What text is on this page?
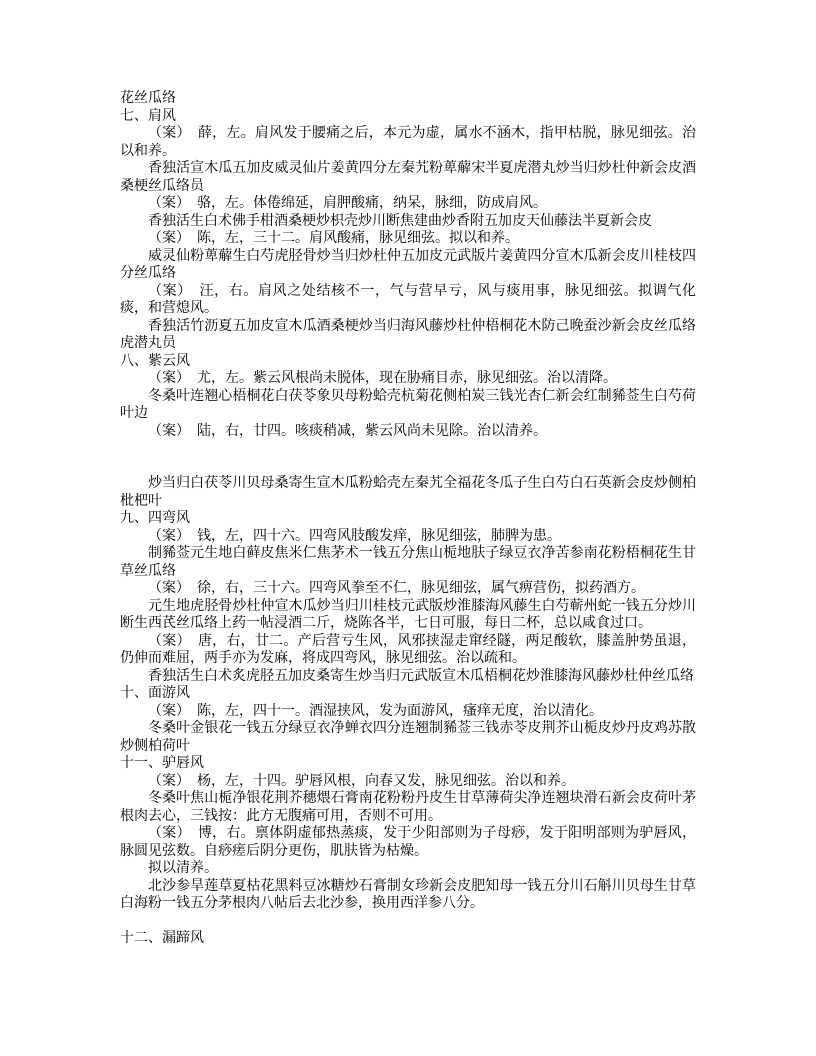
花丝瓜络

七、肩风

（案）　薛，左。肩风发于腰痛之后，本元为虚，属水不涵木，指甲枯脱，脉见细弦。治以和养。

香独活宣木瓜五加皮威灵仙片姜黄四分左秦艽粉萆薢宋半夏虎潜丸炒当归炒杜仲新会皮酒桑梗丝瓜络员

（案）　骆，左。体倦绵延，肩胛酸痛，纳呆，脉细，防成肩风。

香独活生白术佛手柑酒桑梗炒枳壳炒川断焦建曲炒香附五加皮天仙藤法半夏新会皮

（案）　陈，左，三十二。肩风酸痛，脉见细弦。拟以和养。

威灵仙粉萆薢生白芍虎胫骨炒当归炒杜仲五加皮元武版片姜黄四分宣木瓜新会皮川桂枝四分丝瓜络

（案）　汪，右。肩风之处结核不一，气与营早亏，风与痰用事，脉见细弦。拟调气化痰，和营熄风。

香独活竹沥夏五加皮宣木瓜酒桑梗炒当归海风藤炒杜仲梧桐花木防己晚蚕沙新会皮丝瓜络虎潜丸员

八、紫云风

（案）　尤，左。紫云风根尚未脱体，现在胁痛目赤，脉见细弦。治以清降。

冬桑叶连翘心梧桐花白茯苓象贝母粉蛤壳杭菊花侧柏炭三钱光杏仁新会红制豨莶生白芍荷叶边

（案）　陆，右，廿四。咳痰稍减，紫云风尚未见除。治以清养。

炒当归白茯苓川贝母桑寄生宣木瓜粉蛤壳左秦艽全福花冬瓜子生白芍白石英新会皮炒侧柏枇杷叶

九、四弯风

（案）　钱，左，四十六。四弯风肢酸发痒，脉见细弦，肺脾为患。

制豨莶元生地白藓皮焦米仁焦茅术一钱五分焦山栀地肤子绿豆衣净苦参南花粉梧桐花生甘草丝瓜络

（案）　徐，右，三十六。四弯风拳至不仁，脉见细弦，属气痹营伤，拟药酒方。

元生地虎胫骨炒杜仲宣木瓜炒当归川桂枝元武版炒淮膝海风藤生白芍蕲州蛇一钱五分炒川断生西芪丝瓜络上药一帖浸酒二斤，烧陈各半，七日可服，每日二杯，总以咸食过口。

（案）　唐，右，廿二。产后营亏生风，风邪挟湿走窜经隧，两足酸软，膝盖肿势虽退，仍伸而难屈，两手亦为发麻，将成四弯风，脉见细弦。治以疏和。

香独活生白术炙虎胫五加皮桑寄生炒当归元武版宣木瓜梧桐花炒淮膝海风藤炒杜仲丝瓜络

十、面游风

（案）　陈，左，四十一。酒湿挟风，发为面游风，瘙痒无度，治以清化。

冬桑叶金银花一钱五分绿豆衣净蝉衣四分连翘制豨莶三钱赤苓皮荆芥山栀皮炒丹皮鸡苏散炒侧柏荷叶

十一、驴唇风

（案）　杨，左，十四。驴唇风根，向春又发，脉见细弦。治以和养。

冬桑叶焦山栀净银花荆芥穗煨石膏南花粉粉丹皮生甘草薄荷尖净连翘块滑石新会皮荷叶茅根肉去心，三钱按：此方无腹痛可用，否则不可用。

（案）　博，右。禀体阴虚郁热蒸痰，发于少阳部则为子母痧，发于阳明部则为驴唇风，脉圆见弦数。自痧瘥后阴分更伤，肌肤皆为枯燥。

拟以清养。

北沙参旱莲草夏枯花黑料豆冰糖炒石膏制女珍新会皮肥知母一钱五分川石斛川贝母生甘草白海粉一钱五分茅根肉八帖后去北沙参，换用西洋参八分。

十二、漏蹄风
